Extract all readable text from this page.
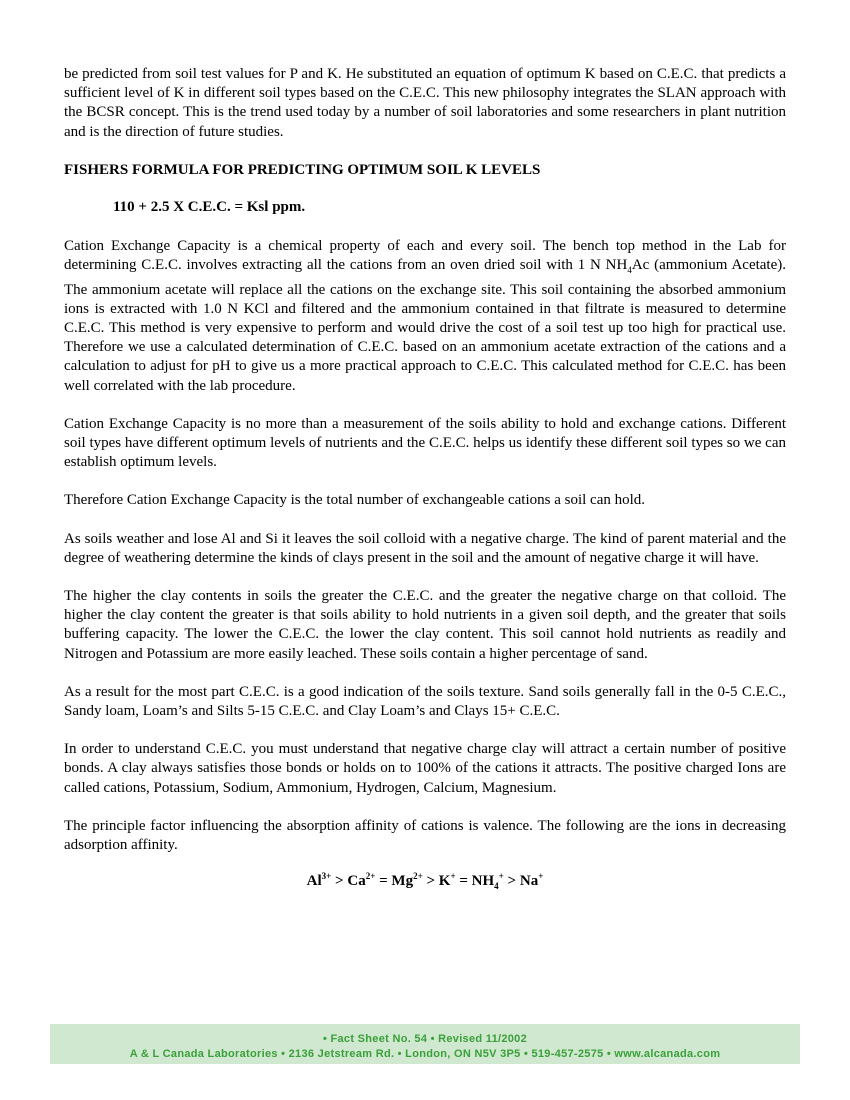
be predicted from soil test values for P and K. He substituted an equation of optimum K based on C.E.C. that predicts a sufficient level of K in different soil types based on the C.E.C. This new philosophy integrates the SLAN approach with the BCSR concept. This is the trend used today by a number of soil laboratories and some researchers in plant nutrition and is the direction of future studies.

FISHERS FORMULA FOR PREDICTING OPTIMUM SOIL K LEVELS
110 + 2.5 X C.E.C. = Ksl ppm.

Cation Exchange Capacity is a chemical property of each and every soil. The bench top method in the Lab for determining C.E.C. involves extracting all the cations from an oven dried soil with 1 N $NH_4Ac$ (ammonium Acetate). The ammonium acetate will replace all the cations on the exchange site. This soil containing the absorbed ammonium ions is extracted with 1.0 N KCl and filtered and the ammonium contained in that filtrate is measured to determine C.E.C. This method is very expensive to perform and would drive the cost of a soil test up too high for practical use. Therefore we use a calculated determination of C.E.C. based on an ammonium acetate extraction of the cations and a calculation to adjust for pH to give us a more practical approach to C.E.C. This calculated method for C.E.C. has been well correlated with the lab procedure.

Cation Exchange Capacity is no more than a measurement of the soils ability to hold and exchange cations. Different soil types have different optimum levels of nutrients and the C.E.C. helps us identify these different soil types so we can establish optimum levels.

Therefore Cation Exchange Capacity is the total number of exchangeable cations a soil can hold.

As soils weather and lose Al and Si it leaves the soil colloid with a negative charge. The kind of parent material and the degree of weathering determine the kinds of clays present in the soil and the amount of negative charge it will have.

The higher the clay contents in soils the greater the C.E.C. and the greater the negative charge on that colloid. The higher the clay content the greater is that soils ability to hold nutrients in a given soil depth, and the greater that soils buffering capacity. The lower the C.E.C. the lower the clay content. This soil cannot hold nutrients as readily and Nitrogen and Potassium are more easily leached. These soils contain a higher percentage of sand.

As a result for the most part C.E.C. is a good indication of the soils texture. Sand soils generally fall in the 0-5 C.E.C., Sandy loam, Loam’s and Silts 5-15 C.E.C. and Clay Loam’s and Clays 15+ C.E.C.

In order to understand C.E.C. you must understand that negative charge clay will attract a certain number of positive bonds. A clay always satisfies those bonds or holds on to 100% of the cations it attracts. The positive charged Ions are called cations, Potassium, Sodium, Ammonium, Hydrogen, Calcium, Magnesium.

The principle factor influencing the absorption affinity of cations is valence. The following are the ions in decreasing adsorption affinity.

$Al^{3+} > Ca^{2+} = Mg^{2+} > K^+ = NH_4^+ > Na^+$
• Fact Sheet No. 54 • Revised 11/2002
A & L Canada Laboratories • 2136 Jetstream Rd. • London, ON N5V 3P5 • 519-457-2575 • www.alcanada.com
